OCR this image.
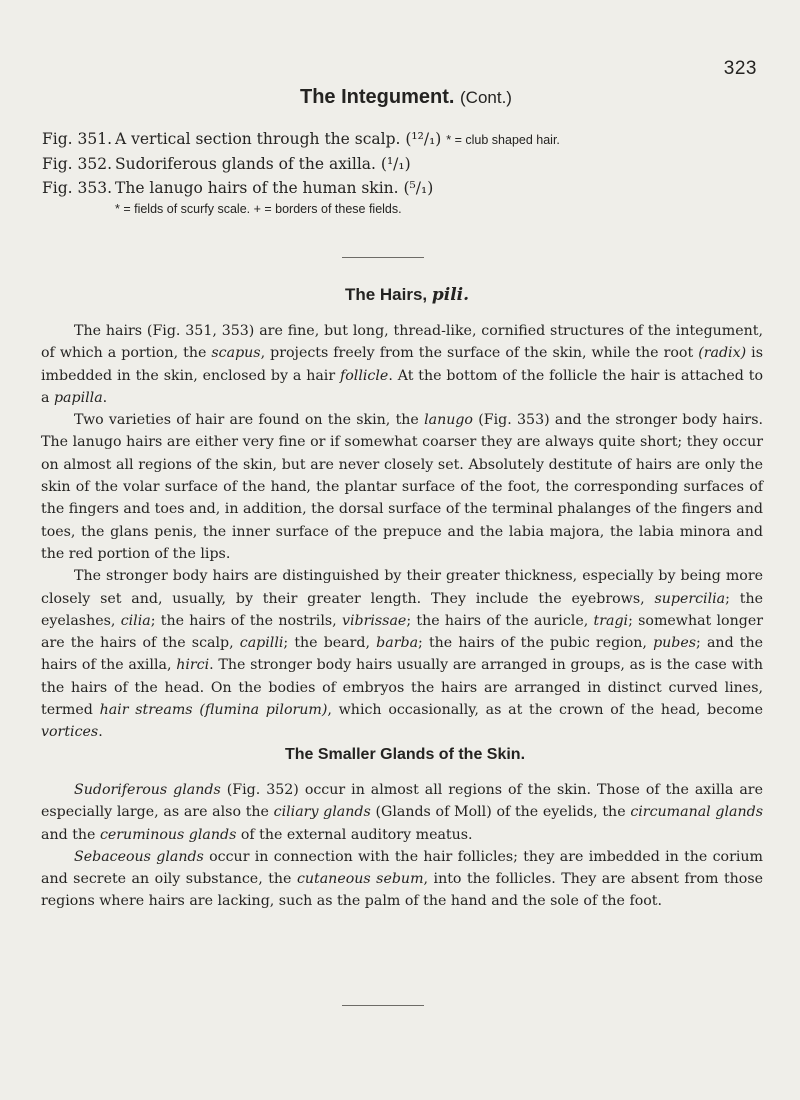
323
The Integument. (Cont.)
Fig. 351. A vertical section through the scalp. (¹²/₁) * = club shaped hair.
Fig. 352. Sudoriferous glands of the axilla. (¹/₁)
Fig. 353. The lanugo hairs of the human skin. (⁵/₁)
* = fields of scurfy scale. + = borders of these fields.
The Hairs, pili.

The hairs (Fig. 351, 353) are fine, but long, thread-like, cornified structures of the integument, of which a portion, the scapus, projects freely from the surface of the skin, while the root (radix) is imbedded in the skin, enclosed by a hair follicle. At the bottom of the follicle the hair is attached to a papilla.

Two varieties of hair are found on the skin, the lanugo (Fig. 353) and the stronger body hairs. The lanugo hairs are either very fine or if somewhat coarser they are always quite short; they occur on almost all regions of the skin, but are never closely set. Absolutely destitute of hairs are only the skin of the volar surface of the hand, the plantar surface of the foot, the corresponding surfaces of the fingers and toes and, in addition, the dorsal surface of the terminal phalanges of the fingers and toes, the glans penis, the inner surface of the prepuce and the labia majora, the labia minora and the red portion of the lips.

The stronger body hairs are distinguished by their greater thickness, especially by being more closely set and, usually, by their greater length. They include the eyebrows, supercilia; the eyelashes, cilia; the hairs of the nostrils, vibrissae; the hairs of the auricle, tragi; somewhat longer are the hairs of the scalp, capilli; the beard, barba; the hairs of the pubic region, pubes; and the hairs of the axilla, hirci. The stronger body hairs usually are arranged in groups, as is the case with the hairs of the head. On the bodies of embryos the hairs are arranged in distinct curved lines, termed hair streams (flumina pilorum), which occasionally, as at the crown of the head, become vortices.

The Smaller Glands of the Skin.

Sudoriferous glands (Fig. 352) occur in almost all regions of the skin. Those of the axilla are especially large, as are also the ciliary glands (Glands of Moll) of the eyelids, the circumanal glands and the ceruminous glands of the external auditory meatus.

Sebaceous glands occur in connection with the hair follicles; they are imbedded in the corium and secrete an oily substance, the cutaneous sebum, into the follicles. They are absent from those regions where hairs are lacking, such as the palm of the hand and the sole of the foot.
